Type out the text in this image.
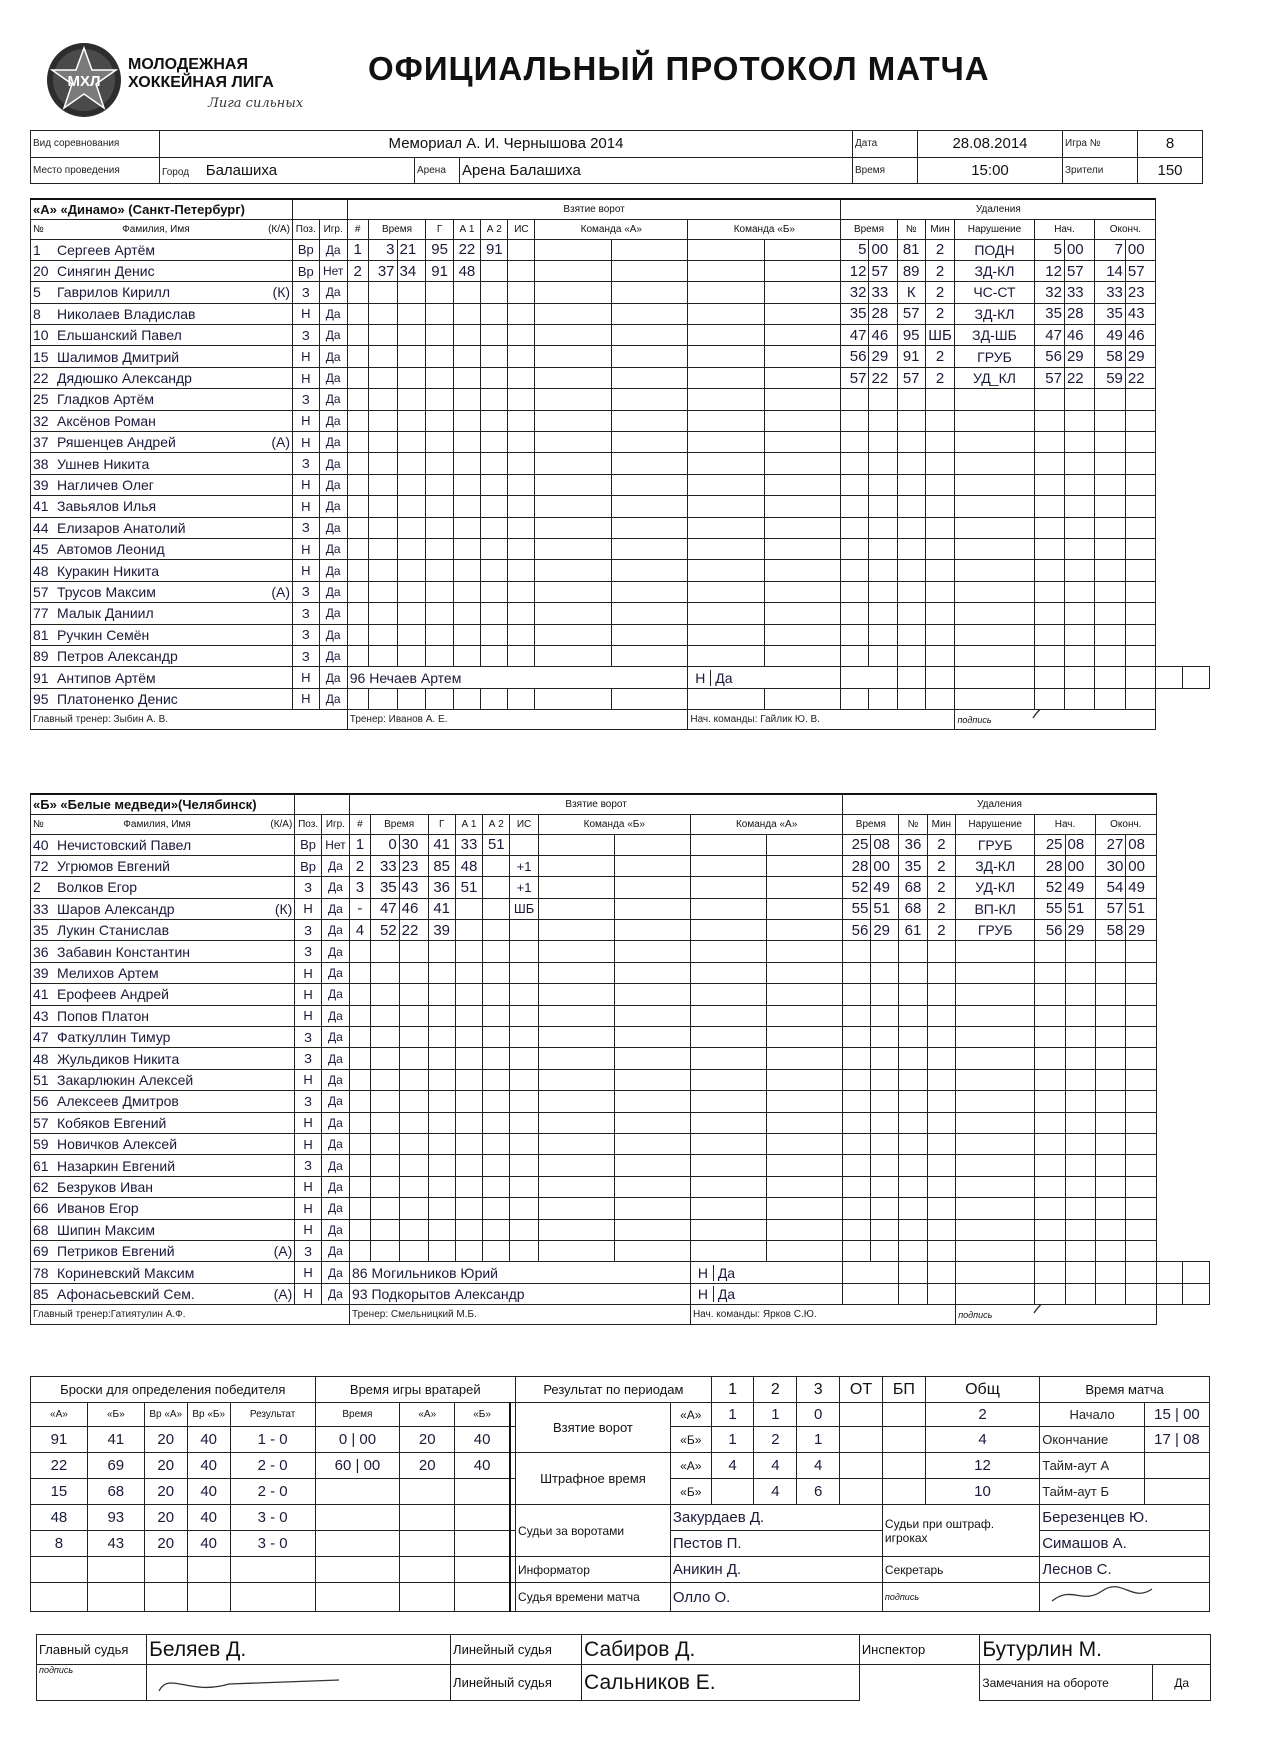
МХЛ
МОЛОДЕЖНАЯ
ХОККЕЙНАЯ ЛИГА
Лига сильных
ОФИЦИАЛЬНЫЙ ПРОТОКОЛ МАТЧА
Вид соревнования	Мемориал А. И. Чернышова 2014			Дата	28.08.2014	Игра №	8
Место проведения	Город Балашиха	Арена	Арена Балашиха	Время	15:00	Зрители	150
«А» «Динамо» (Санкт-Петербург)			Взятие ворот											Удаления										

№ Фамилия, Имя (К/А)	Поз.	Игр.	#	Время		Г	А 1	А 2	ИС	Команда «А»		Команда «Б»		Время		№	Мин	Нарушение	Нач.		Оконч.			
1 Сергеев Артём	Вр	Да	1	3	21	95	22	91						5	00	81	2	ПОДН	5	00	7	00		
20 Синягин Денис	Вр	Нет	2	37	34	91	48							12	57	89	2	ЗД-КЛ	12	57	14	57		
5 Гаврилов Кирилл (К)	З	Да												32	33	К	2	ЧС-СТ	32	33	33	23		
8 Николаев Владислав	Н	Да												35	28	57	2	ЗД-КЛ	35	28	35	43		
10 Ельшанский Павел	З	Да												47	46	95	ШБ	ЗД-ШБ	47	46	49	46		
15 Шалимов Дмитрий	Н	Да												56	29	91	2	ГРУБ	56	29	58	29		
22 Дядюшко Александр	Н	Да												57	22	57	2	УД_КЛ	57	22	59	22		
25 Гладков Артём	З	Да																						
32 Аксёнов Роман	Н	Да																						
37 Ряшенцев Андрей (А)	Н	Да																						
38 Ушнев Никита	З	Да																						
39 Нагличев Олег	Н	Да																						
41 Завьялов Илья	Н	Да																						
44 Елизаров Анатолий	З	Да																						
45 Автомов Леонид	Н	Да																						
48 Куракин Никита	Н	Да																						
57 Трусов Максим (А)	З	Да																						
77 Малык Даниил	З	Да																						
81 Ручкин Семён	З	Да																						
89 Петров Александр	З	Да																						
91 Антипов Артём	Н	Да	96 Нечаев Артем									Н Да												
95 Платоненко Денис	Н	Да																						
Главный тренер: Зыбин А. В.			Тренер: Иванов А. Е.									Нач. команды: Гайлик Ю. В.						подпись						
«Б» «Белые медведи»(Челябинск)			Взятие ворот											Удаления										

№ Фамилия, Имя (К/А)	Поз.	Игр.	#	Время		Г	А 1	А 2	ИС	Команда «Б»		Команда «А»		Время		№	Мин	Нарушение	Нач.		Оконч.			
40 Нечистовский Павел	Вр	Нет	1	0	30	41	33	51						25	08	36	2	ГРУБ	25	08	27	08		
72 Угрюмов Евгений	Вр	Да	2	33	23	85	48		+1					28	00	35	2	ЗД-КЛ	28	00	30	00		
2 Волков Егор	З	Да	3	35	43	36	51		+1					52	49	68	2	УД-КЛ	52	49	54	49		
33 Шаров Александр (К)	Н	Да	-	47	46	41			ШБ					55	51	68	2	ВП-КЛ	55	51	57	51		
35 Лукин Станислав	З	Да	4	52	22	39								56	29	61	2	ГРУБ	56	29	58	29		
36 Забавин Константин	З	Да																						
39 Мелихов Артем	Н	Да																						
41 Ерофеев Андрей	Н	Да																						
43 Попов Платон	Н	Да																						
47 Фаткуллин Тимур	З	Да																						
48 Жульдиков Никита	З	Да																						
51 Закарлюкин Алексей	Н	Да																						
56 Алексеев Дмитров	З	Да																						
57 Кобяков Евгений	Н	Да																						
59 Новичков Алексей	Н	Да																						
61 Назаркин Евгений	З	Да																						
62 Безруков Иван	Н	Да																						
66 Иванов Егор	Н	Да																						
68 Шипин Максим	Н	Да																						
69 Петриков Евгений (А)	З	Да																						
78 Кориневский Максим	Н	Да	86 Могильников Юрий									Н Да												
85 Афонасьевский Сем. (А)	Н	Да	93 Подкорытов Александр									Н Да												
Главный тренер:Гатиятулин А.Ф.			Тренер: Смельницкий М.Б.									Нач. команды: Ярков С.Ю.						подпись						
Броски для определения победителя					Время игры вратарей				Результат по периодам		1	2	3	ОТ	БП	Общ	Время матча	
«А»	«Б»	Вр «А»	Вр «Б»	Результат	Время	«А»	«Б»		Взятие ворот	«А»	1	1	0			2	Начало	15 | 00
91	41	20	40	1 - 0	0 | 00	20	40			«Б»	1	2	1			4	Окончание	17 | 08
22	69	20	40	2 - 0	60 | 00	20	40		Штрафное время	«А»	4	4	4			12	Тайм-аут А	
15	68	20	40	2 - 0						«Б»		4	6			10	Тайм-аут Б	
48	93	20	40	3 - 0					Судьи за воротами	Закурдаев Д.					Судьи при оштраф. игроках		Березенцев Ю.	
8	43	20	40	3 - 0						Пестов П.							Симашов А.	
									Информатор	Аникин Д.					Секретарь		Леснов С.	
									Судья времени матча	Олло О.					подпись	
Главный судья	Беляев Д.	Линейный судья	Сабиров Д.	Инспектор	Бутурлин М.	
подпись		Линейный судья	Сальников Е.		Замечания на обороте	Да
